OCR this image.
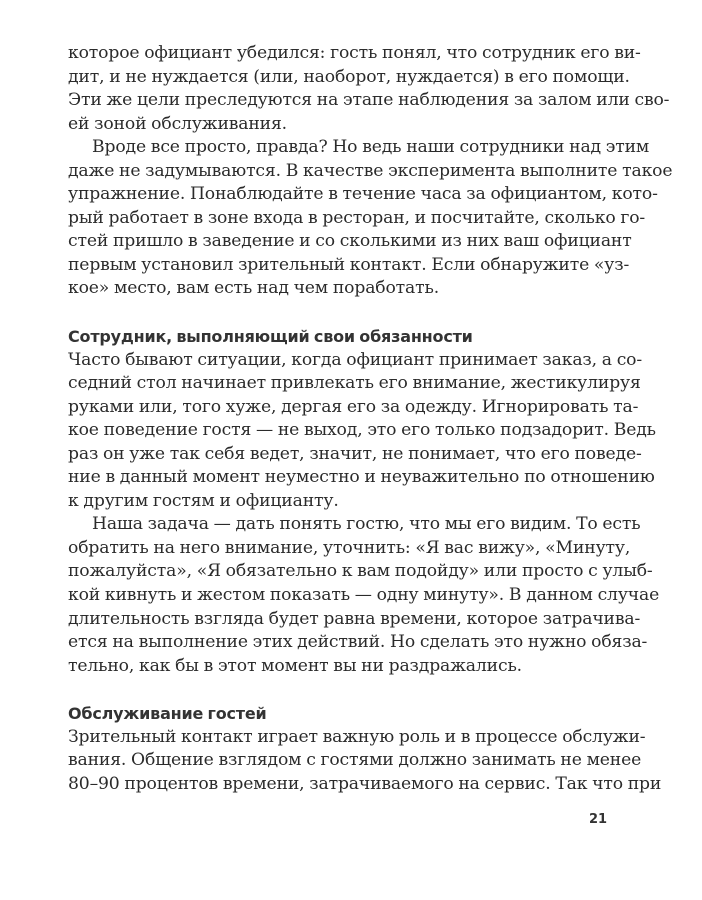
которое официант убедился: гость понял, что сотрудник его ви-
дит, и не нуждается (или, наоборот, нуждается) в его помощи.
Эти же цели преследуются на этапе наблюдения за залом или сво-
ей зоной обслуживания.
Вроде все просто, правда? Но ведь наши сотрудники над этим
даже не задумываются. В качестве эксперимента выполните такое
упражнение. Понаблюдайте в течение часа за официантом, кото-
рый работает в зоне входа в ресторан, и посчитайте, сколько го-
стей пришло в заведение и со сколькими из них ваш официант
первым установил зрительный контакт. Если обнаружите «уз-
кое» место, вам есть над чем поработать.
Сотрудник, выполняющий свои обязанности
Часто бывают ситуации, когда официант принимает заказ, а со-
седний стол начинает привлекать его внимание, жестикулируя
руками или, того хуже, дергая его за одежду. Игнорировать та-
кое поведение гостя — не выход, это его только подзадорит. Ведь
раз он уже так себя ведет, значит, не понимает, что его поведе-
ние в данный момент неуместно и неуважительно по отношению
к другим гостям и официанту.
Наша задача — дать понять гостю, что мы его видим. То есть
обратить на него внимание, уточнить: «Я вас вижу», «Минуту,
пожалуйста», «Я обязательно к вам подойду» или просто с улыб-
кой кивнуть и жестом показать — одну минуту». В данном случае
длительность взгляда будет равна времени, которое затрачива-
ется на выполнение этих действий. Но сделать это нужно обяза-
тельно, как бы в этот момент вы ни раздражались.
Обслуживание гостей
Зрительный контакт играет важную роль и в процессе обслужи-
вания. Общение взглядом с гостями должно занимать не менее
80–90 процентов времени, затрачиваемого на сервис. Так что при
21
